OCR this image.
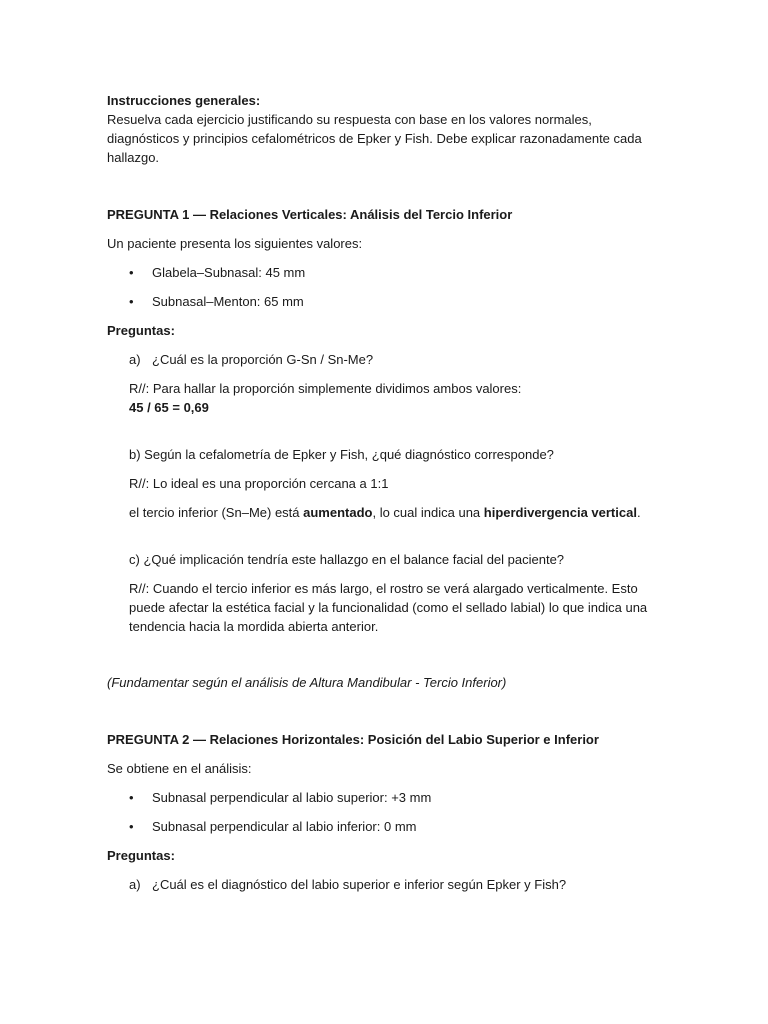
Instrucciones generales:

Resuelva cada ejercicio justificando su respuesta con base en los valores normales, diagnósticos y principios cefalométricos de Epker y Fish. Debe explicar razonadamente cada hallazgo.

PREGUNTA 1 — Relaciones Verticales: Análisis del Tercio Inferior

Un paciente presenta los siguientes valores:

• Glabela–Subnasal: 45 mm
• Subnasal–Menton: 65 mm

Preguntas:

a) ¿Cuál es la proporción G-Sn / Sn-Me?

R//: Para hallar la proporción simplemente dividimos ambos valores:

45 / 65 = 0,69

b) Según la cefalometría de Epker y Fish, ¿qué diagnóstico corresponde?

R//: Lo ideal es una proporción cercana a 1:1

el tercio inferior (Sn–Me) está aumentado, lo cual indica una hiperdivergencia vertical.

c) ¿Qué implicación tendría este hallazgo en el balance facial del paciente?

R//: Cuando el tercio inferior es más largo, el rostro se verá alargado verticalmente. Esto puede afectar la estética facial y la funcionalidad (como el sellado labial) lo que indica una tendencia hacia la mordida abierta anterior.

(Fundamentar según el análisis de Altura Mandibular - Tercio Inferior)

PREGUNTA 2 — Relaciones Horizontales: Posición del Labio Superior e Inferior

Se obtiene en el análisis:

• Subnasal perpendicular al labio superior: +3 mm
• Subnasal perpendicular al labio inferior: 0 mm

Preguntas:

a) ¿Cuál es el diagnóstico del labio superior e inferior según Epker y Fish?
